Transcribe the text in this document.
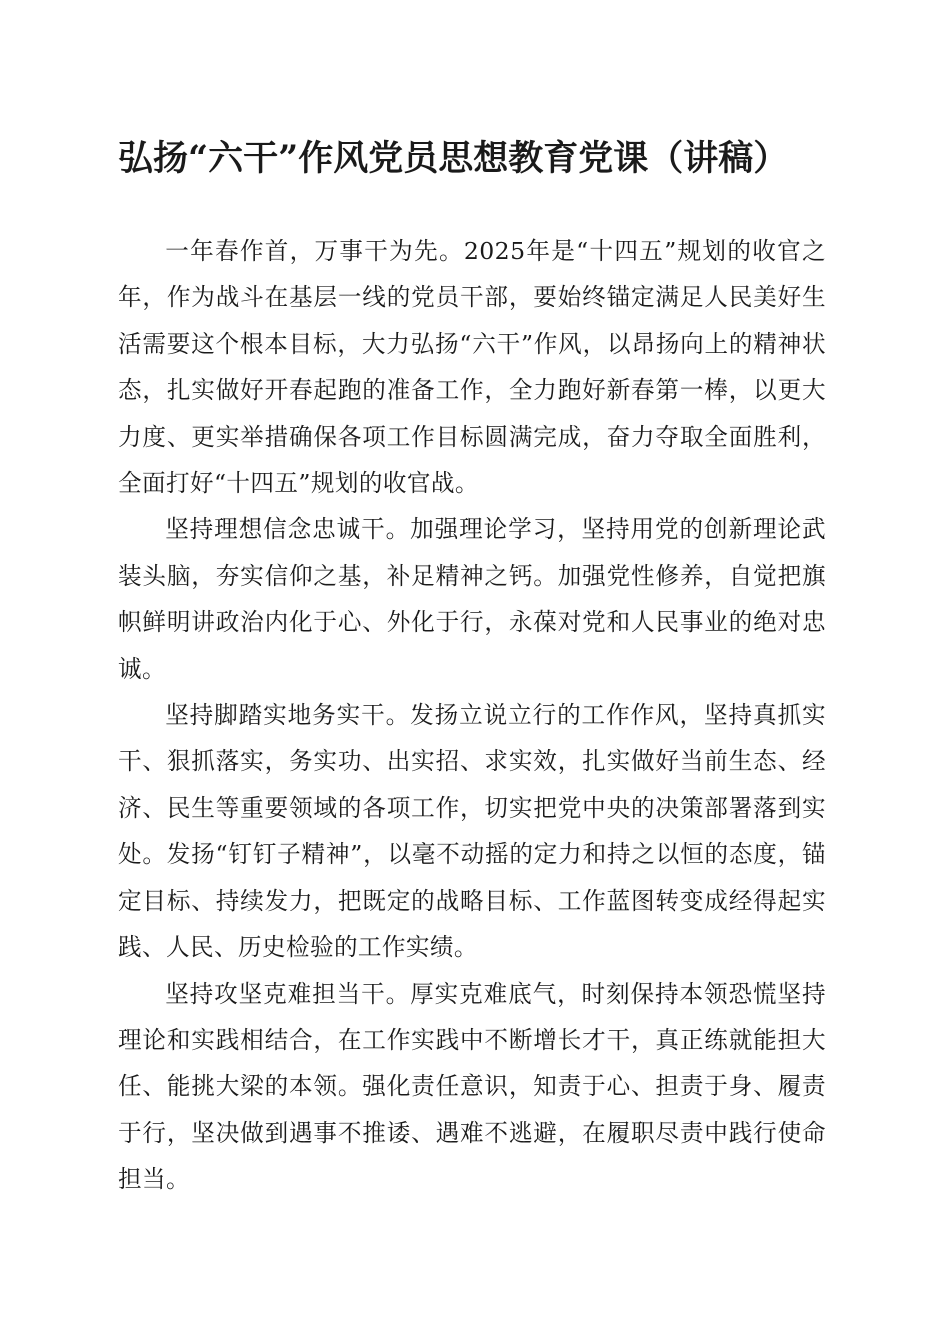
弘扬“六干”作风党员思想教育党课（讲稿）

一年春作首，万事干为先。2025年是“十四五”规划的收官之年，作为战斗在基层一线的党员干部，要始终锚定满足人民美好生活需要这个根本目标，大力弘扬“六干”作风，以昂扬向上的精神状态，扎实做好开春起跑的准备工作，全力跑好新春第一棒，以更大力度、更实举措确保各项工作目标圆满完成，奋力夺取全面胜利，全面打好“十四五”规划的收官战。

坚持理想信念忠诚干。加强理论学习，坚持用党的创新理论武装头脑，夯实信仰之基，补足精神之钙。加强党性修养，自觉把旗帜鲜明讲政治内化于心、外化于行，永葆对党和人民事业的绝对忠诚。

坚持脚踏实地务实干。发扬立说立行的工作作风，坚持真抓实干、狠抓落实，务实功、出实招、求实效，扎实做好当前生态、经济、民生等重要领域的各项工作，切实把党中央的决策部署落到实处。发扬“钉钉子精神”，以毫不动摇的定力和持之以恒的态度，锚定目标、持续发力，把既定的战略目标、工作蓝图转变成经得起实践、人民、历史检验的工作实绩。

坚持攻坚克难担当干。厚实克难底气，时刻保持本领恐慌坚持理论和实践相结合，在工作实践中不断增长才干，真正练就能担大任、能挑大梁的本领。强化责任意识，知责于心、担责于身、履责于行，坚决做到遇事不推诿、遇难不逃避，在履职尽责中践行使命担当。
